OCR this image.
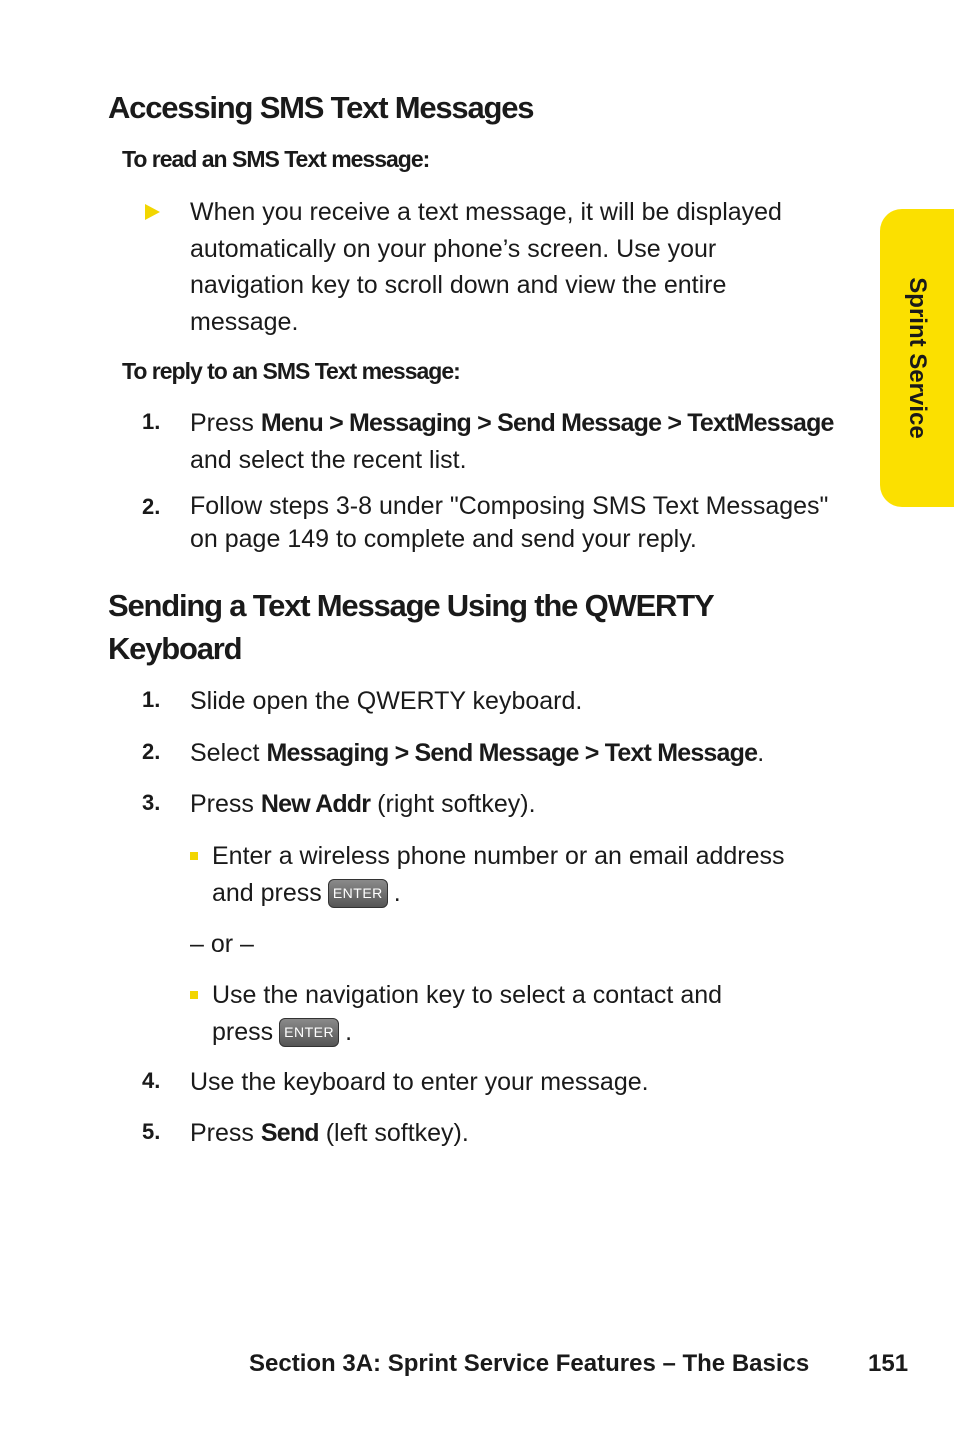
Sprint Service
Accessing SMS Text Messages
To read an SMS Text message:
When you receive a text message, it will be displayed
automatically on your phone’s screen. Use your
navigation key to scroll down and view the entire
message.
To reply to an SMS Text message:
1. Press Menu > Messaging > Send Message > TextMessage
and select the recent list.
2. Follow steps 3-8 under "Composing SMS Text Messages"
on page 149 to complete and send your reply.
Sending a Text Message Using the QWERTY
Keyboard
1. Slide open the QWERTY keyboard.
2. Select Messaging > Send Message > Text Message.
3. Press New Addr (right softkey).
Enter a wireless phone number or an email address
and press ENTER .
– or –
Use the navigation key to select a contact and
press ENTER .
4. Use the keyboard to enter your message.
5. Press Send (left softkey).
Section 3A: Sprint Service Features – The Basics 151
